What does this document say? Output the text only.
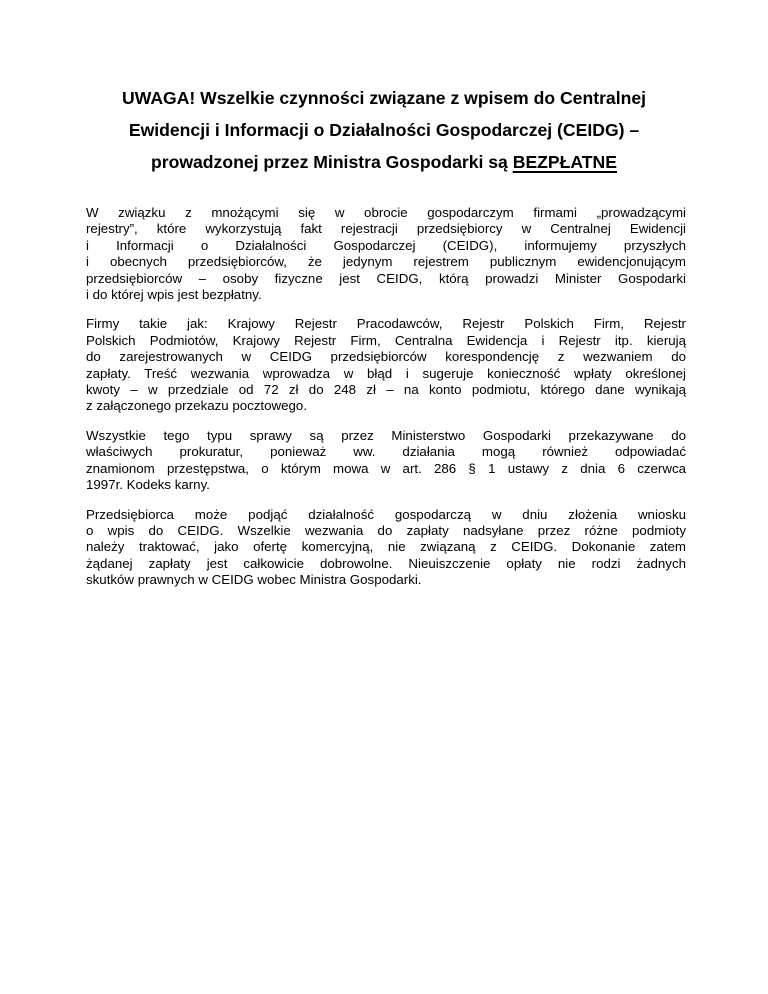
UWAGA! Wszelkie czynności związane z wpisem do Centralnej
Ewidencji i Informacji o Działalności Gospodarczej (CEIDG) –
prowadzonej przez Ministra Gospodarki są BEZPŁATNE

W związku z mnożącymi się w obrocie gospodarczym firmami „prowadzącymi
rejestry”, które wykorzystują fakt rejestracji przedsiębiorcy w Centralnej Ewidencji
i Informacji o Działalności Gospodarczej (CEIDG), informujemy przyszłych
i obecnych przedsiębiorców, że jedynym rejestrem publicznym ewidencjonującym
przedsiębiorców – osoby fizyczne jest CEIDG, którą prowadzi Minister Gospodarki
i do której wpis jest bezpłatny.

Firmy takie jak: Krajowy Rejestr Pracodawców, Rejestr Polskich Firm, Rejestr
Polskich Podmiotów, Krajowy Rejestr Firm, Centralna Ewidencja i Rejestr itp. kierują
do zarejestrowanych w CEIDG przedsiębiorców korespondencję z wezwaniem do
zapłaty. Treść wezwania wprowadza w błąd i sugeruje konieczność wpłaty określonej
kwoty – w przedziale od 72 zł do 248 zł – na konto podmiotu, którego dane wynikają
z załączonego przekazu pocztowego.

Wszystkie tego typu sprawy są przez Ministerstwo Gospodarki przekazywane do
właściwych prokuratur, ponieważ ww. działania mogą również odpowiadać
znamionom przestępstwa, o którym mowa w art. 286 § 1 ustawy z dnia 6 czerwca
1997r. Kodeks karny.

Przedsiębiorca może podjąć działalność gospodarczą w dniu złożenia wniosku
o wpis do CEIDG. Wszelkie wezwania do zapłaty nadsyłane przez różne podmioty
należy traktować, jako ofertę komercyjną, nie związaną z CEIDG. Dokonanie zatem
żądanej zapłaty jest całkowicie dobrowolne. Nieuiszczenie opłaty nie rodzi żadnych
skutków prawnych w CEIDG wobec Ministra Gospodarki.
